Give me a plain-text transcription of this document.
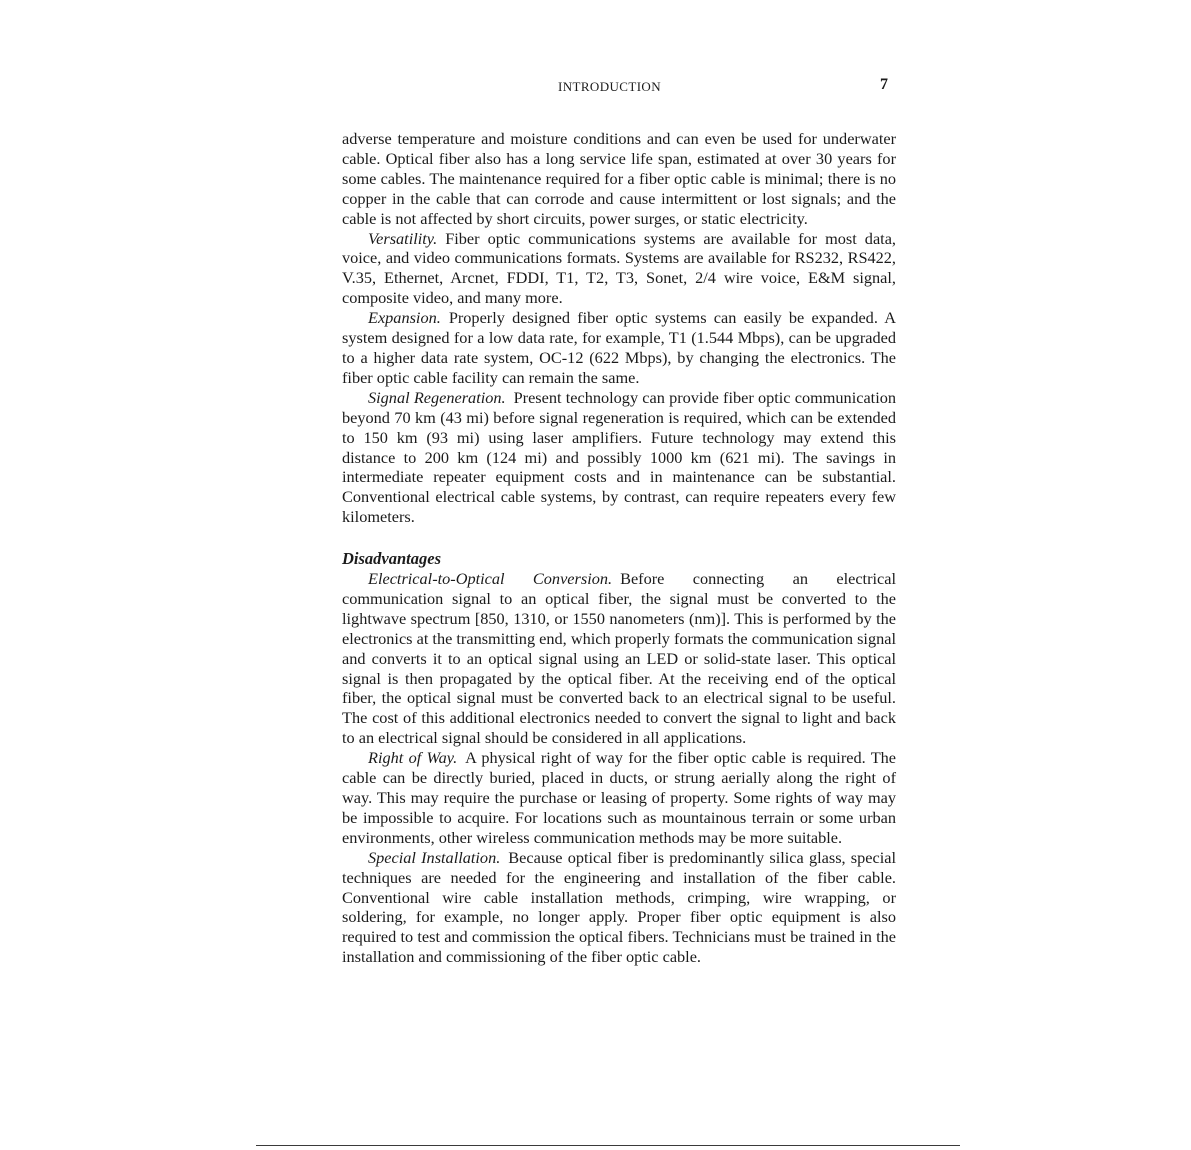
INTRODUCTION	7

adverse temperature and moisture conditions and can even be used for underwater cable. Optical fiber also has a long service life span, estimated at over 30 years for some cables. The maintenance required for a fiber optic cable is minimal; there is no copper in the cable that can corrode and cause intermittent or lost signals; and the cable is not affected by short circuits, power surges, or static electricity.

Versatility. Fiber optic communications systems are available for most data, voice, and video communications formats. Systems are available for RS232, RS422, V.35, Ethernet, Arcnet, FDDI, T1, T2, T3, Sonet, 2/4 wire voice, E&M signal, composite video, and many more.

Expansion. Properly designed fiber optic systems can easily be expanded. A system designed for a low data rate, for example, T1 (1.544 Mbps), can be upgraded to a higher data rate system, OC-12 (622 Mbps), by changing the electronics. The fiber optic cable facility can remain the same.

Signal Regeneration. Present technology can provide fiber optic communication beyond 70 km (43 mi) before signal regeneration is required, which can be extended to 150 km (93 mi) using laser amplifiers. Future technology may extend this distance to 200 km (124 mi) and possibly 1000 km (621 mi). The savings in intermediate repeater equipment costs and in maintenance can be substantial. Conventional electrical cable systems, by contrast, can require repeaters every few kilometers.

Disadvantages

Electrical-to-Optical Conversion. Before connecting an electrical communication signal to an optical fiber, the signal must be converted to the lightwave spectrum [850, 1310, or 1550 nanometers (nm)]. This is performed by the electronics at the transmitting end, which properly formats the communication signal and converts it to an optical signal using an LED or solid-state laser. This optical signal is then propagated by the optical fiber. At the receiving end of the optical fiber, the optical signal must be converted back to an electrical signal to be useful. The cost of this additional electronics needed to convert the signal to light and back to an electrical signal should be considered in all applications.

Right of Way. A physical right of way for the fiber optic cable is required. The cable can be directly buried, placed in ducts, or strung aerially along the right of way. This may require the purchase or leasing of property. Some rights of way may be impossible to acquire. For locations such as mountainous terrain or some urban environments, other wireless communication methods may be more suitable.

Special Installation. Because optical fiber is predominantly silica glass, special techniques are needed for the engineering and installation of the fiber cable. Conventional wire cable installation methods, crimping, wire wrapping, or soldering, for example, no longer apply. Proper fiber optic equipment is also required to test and commission the optical fibers. Technicians must be trained in the installation and commissioning of the fiber optic cable.
